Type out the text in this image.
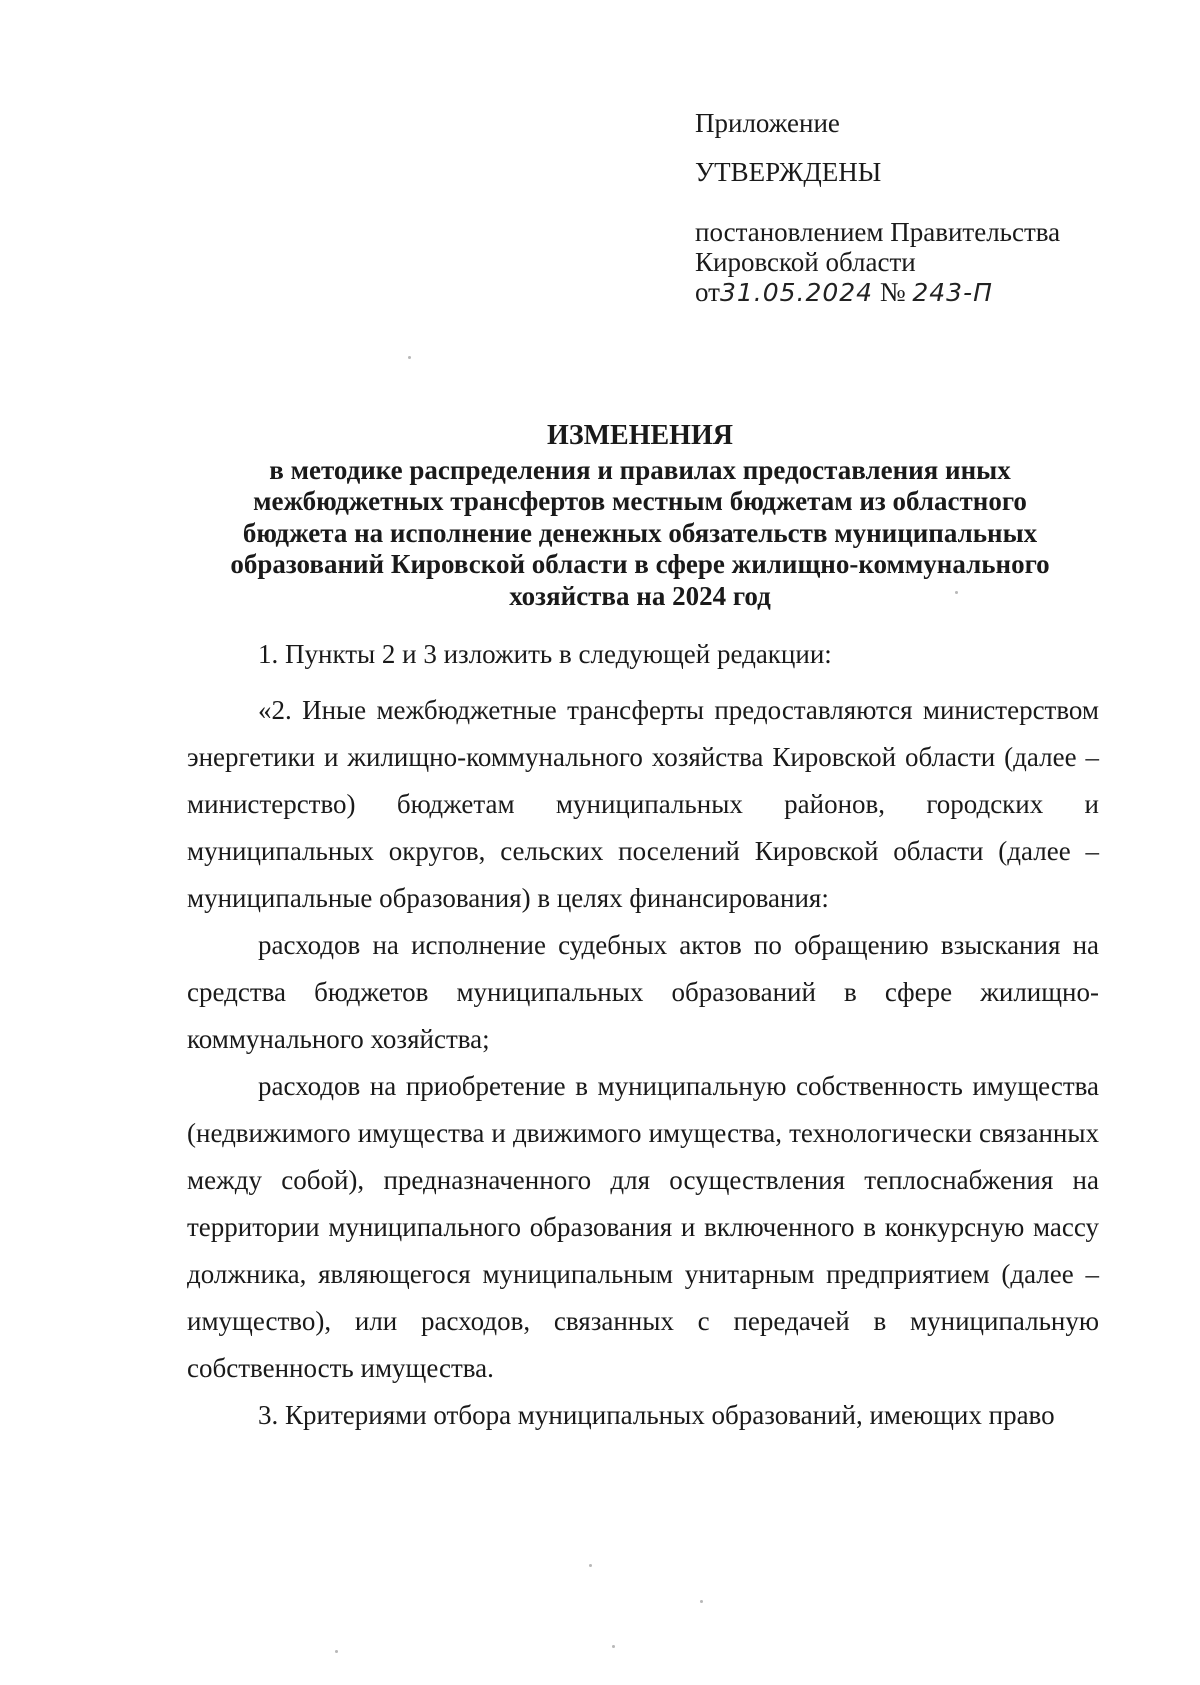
Приложение
УТВЕРЖДЕНЫ
постановлением Правительства
Кировской области
от31.05.2024 № 243-П
ИЗМЕНЕНИЯ
в методике распределения и правилах предоставления иных межбюджетных трансфертов местным бюджетам из областного бюджета на исполнение денежных обязательств муниципальных образований Кировской области в сфере жилищно-коммунального хозяйства на 2024 год

1. Пункты 2 и 3 изложить в следующей редакции:

«2. Иные межбюджетные трансферты предоставляются министерством энергетики и жилищно-коммунального хозяйства Кировской области (далее – министерство) бюджетам муниципальных районов, городских и муниципальных округов, сельских поселений Кировской области (далее – муниципальные образования) в целях финансирования:

расходов на исполнение судебных актов по обращению взыскания на средства бюджетов муниципальных образований в сфере жилищно-коммунального хозяйства;

расходов на приобретение в муниципальную собственность имущества (недвижимого имущества и движимого имущества, технологически связанных между собой), предназначенного для осуществления теплоснабжения на территории муниципального образования и включенного в конкурсную массу должника, являющегося муниципальным унитарным предприятием (далее – имущество), или расходов, связанных с передачей в муниципальную собственность имущества.

3. Критериями отбора муниципальных образований, имеющих право
